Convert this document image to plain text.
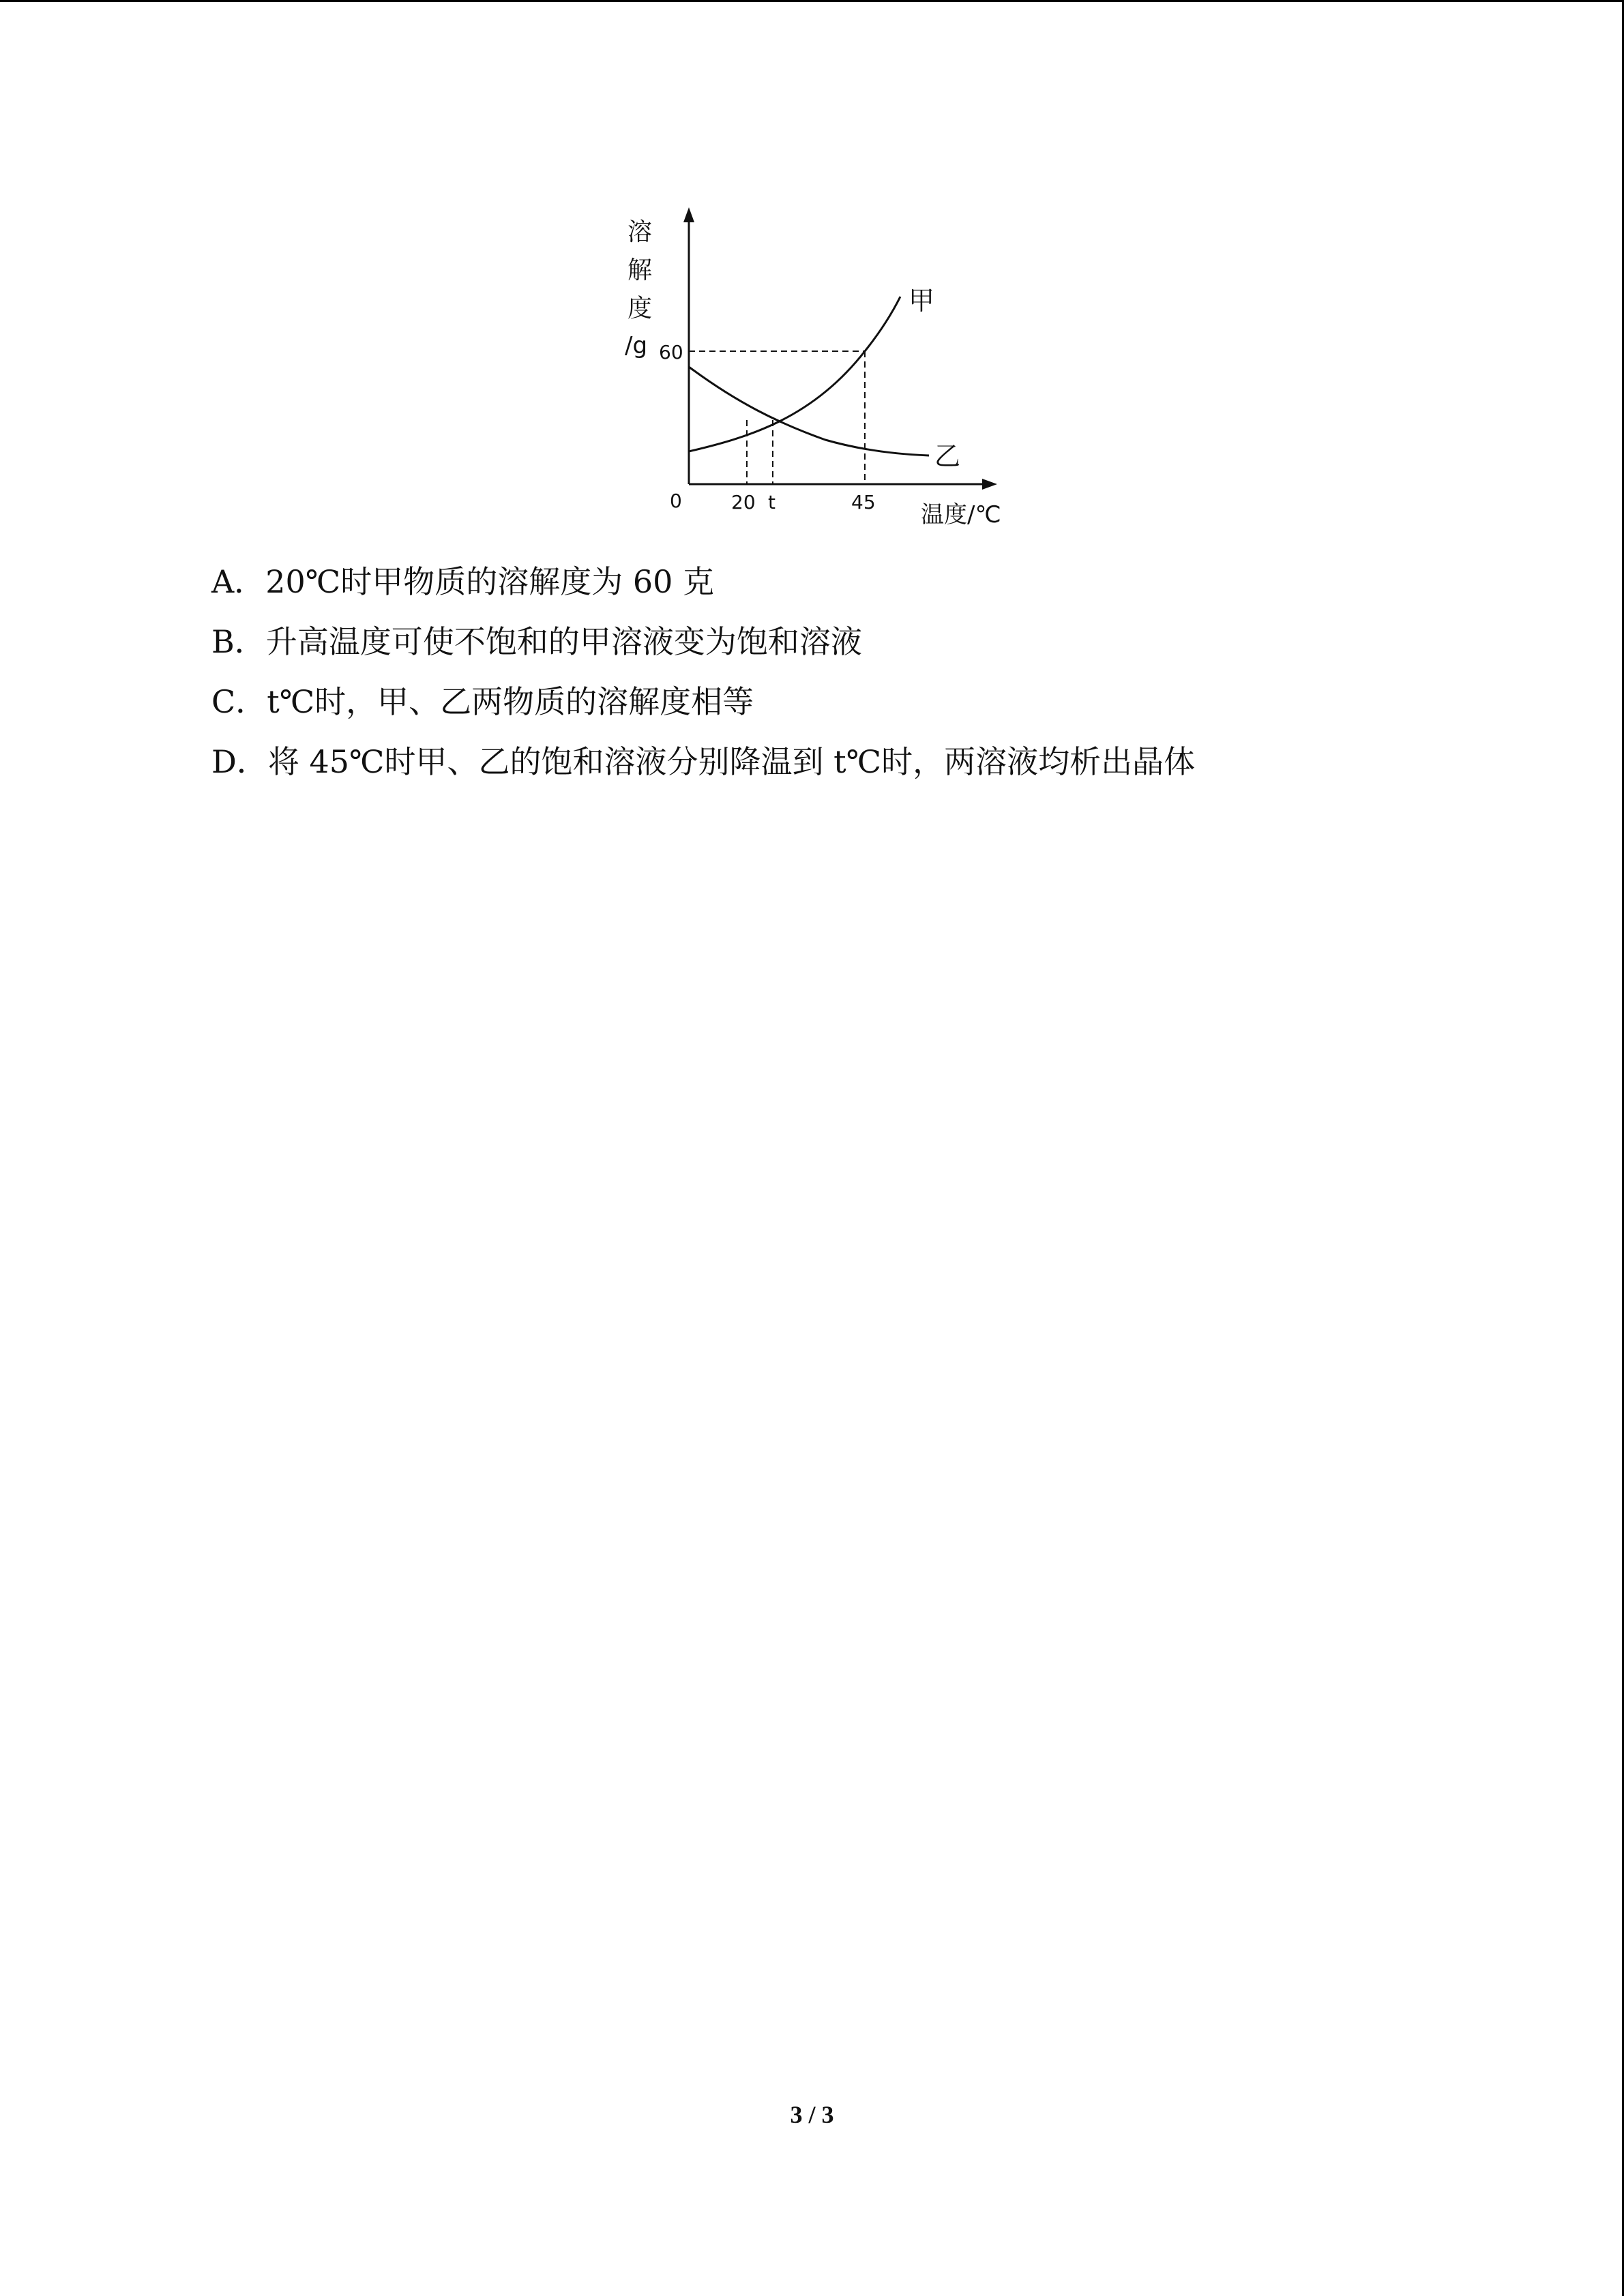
溶
解
度
/g 60
0	20 t	45 温度/℃
甲
乙
A．20℃时甲物质的溶解度为 60 克
B．升高温度可使不饱和的甲溶液变为饱和溶液
C．t℃时，甲、乙两物质的溶解度相等
D．将 45℃时甲、乙的饱和溶液分别降温到 t℃时，两溶液均析出晶体
3 / 3
